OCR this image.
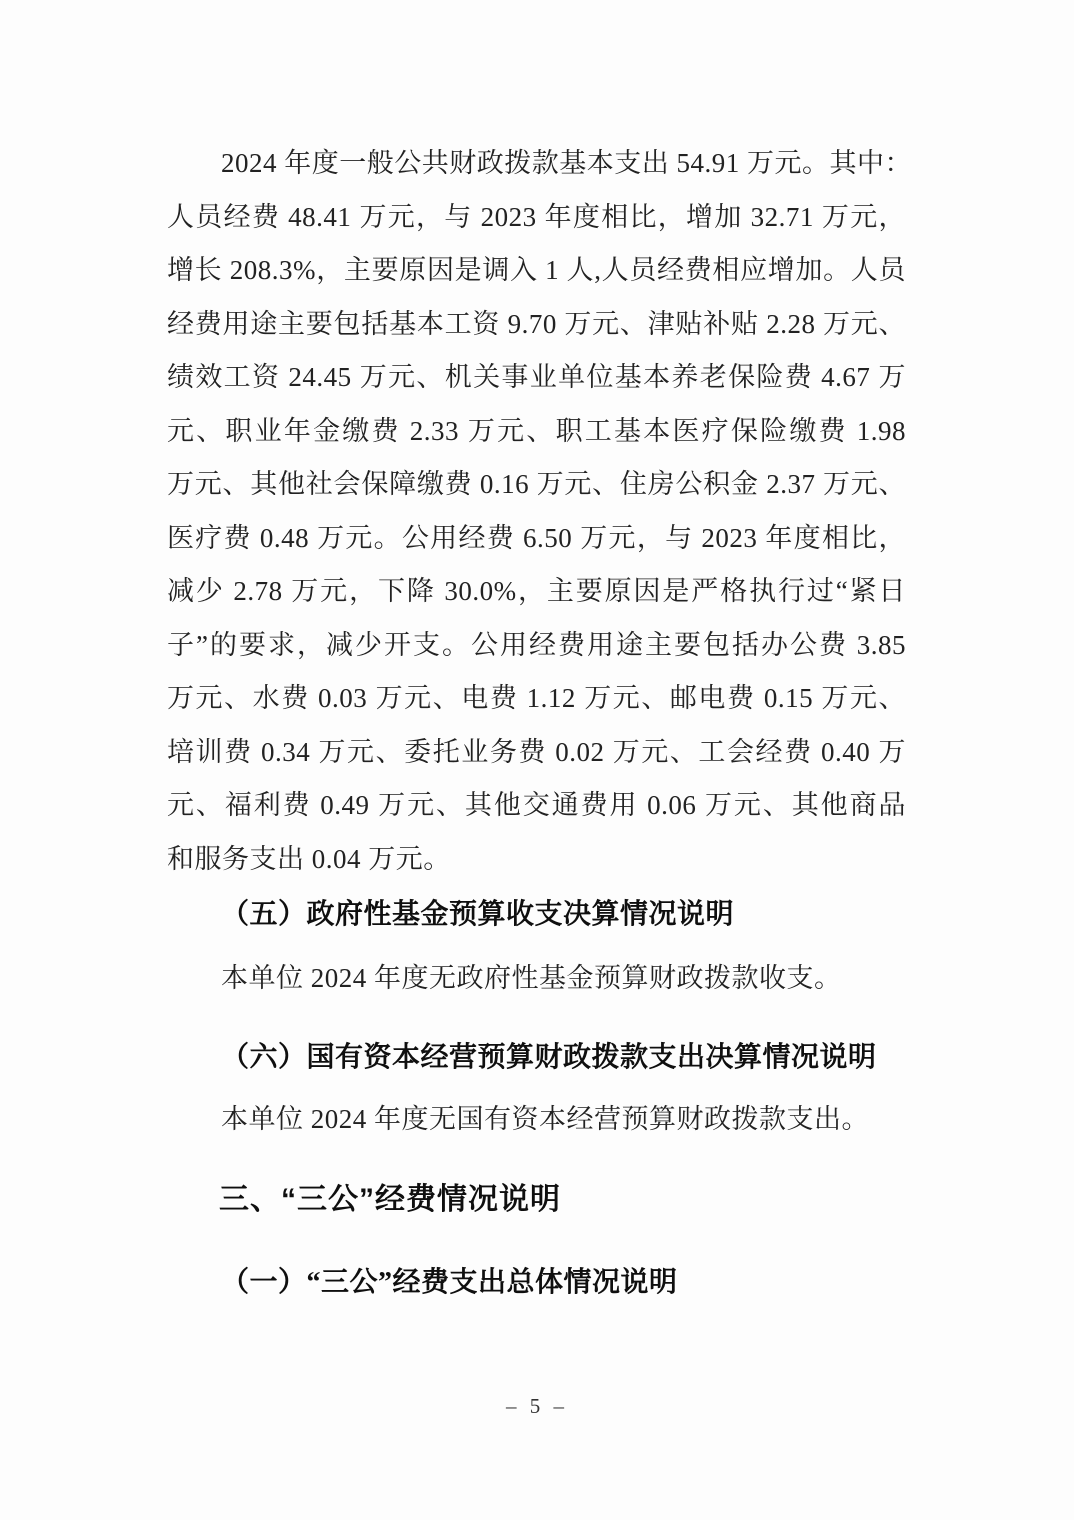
2024 年度一般公共财政拨款基本支出 54.91 万元。其中：
人员经费 48.41 万元，与 2023 年度相比，增加 32.71 万元，
增长 208.3%，主要原因是调入 1 人,人员经费相应增加。人员
经费用途主要包括基本工资 9.70 万元、津贴补贴 2.28 万元、
绩效工资 24.45 万元、机关事业单位基本养老保险费 4.67 万
元、职业年金缴费 2.33 万元、职工基本医疗保险缴费 1.98
万元、其他社会保障缴费 0.16 万元、住房公积金 2.37 万元、
医疗费 0.48 万元。公用经费 6.50 万元，与 2023 年度相比，
减少 2.78 万元，下降 30.0%，主要原因是严格执行过“紧日
子”的要求，减少开支。公用经费用途主要包括办公费 3.85
万元、水费 0.03 万元、电费 1.12 万元、邮电费 0.15 万元、
培训费 0.34 万元、委托业务费 0.02 万元、工会经费 0.40 万
元、福利费 0.49 万元、其他交通费用 0.06 万元、其他商品
和服务支出 0.04 万元。
（五）政府性基金预算收支决算情况说明
本单位 2024 年度无政府性基金预算财政拨款收支。
（六）国有资本经营预算财政拨款支出决算情况说明
本单位 2024 年度无国有资本经营预算财政拨款支出。
三、“三公”经费情况说明
（一）“三公”经费支出总体情况说明
– 5 –
